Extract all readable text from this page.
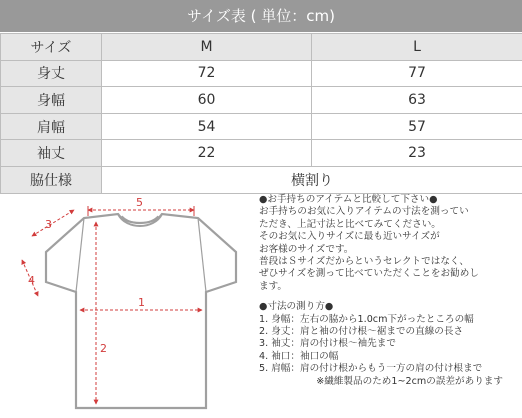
サイズ表 ( 単位：cm)
サイズ	M	L
身丈	72	77
身幅	60	63
肩幅	54	57
袖丈	22	23
脇仕様	横割り	
5
3
4
1
2

●お手持ちのアイテムと比較して下さい●

お手持ちのお気に入りアイテムの寸法を測ってい

ただき、上記寸法と比べてみてください。

そのお気に入りサイズに最も近いサイズが

お客様のサイズです。

普段はＳサイズだからというセレクトではなく、

ぜひサイズを測って比べていただくことをお勧めし

ます。

●寸法の測り方●

1. 身幅：左右の脇から1.0cm下がったところの幅

2. 身丈：肩と袖の付け根～裾までの直線の長さ

3. 袖丈：肩の付け根～袖先まで

4. 袖口：袖口の幅

5. 肩幅：肩の付け根からもう一方の肩の付け根まで

※繊維製品のため1~2cmの誤差があります
